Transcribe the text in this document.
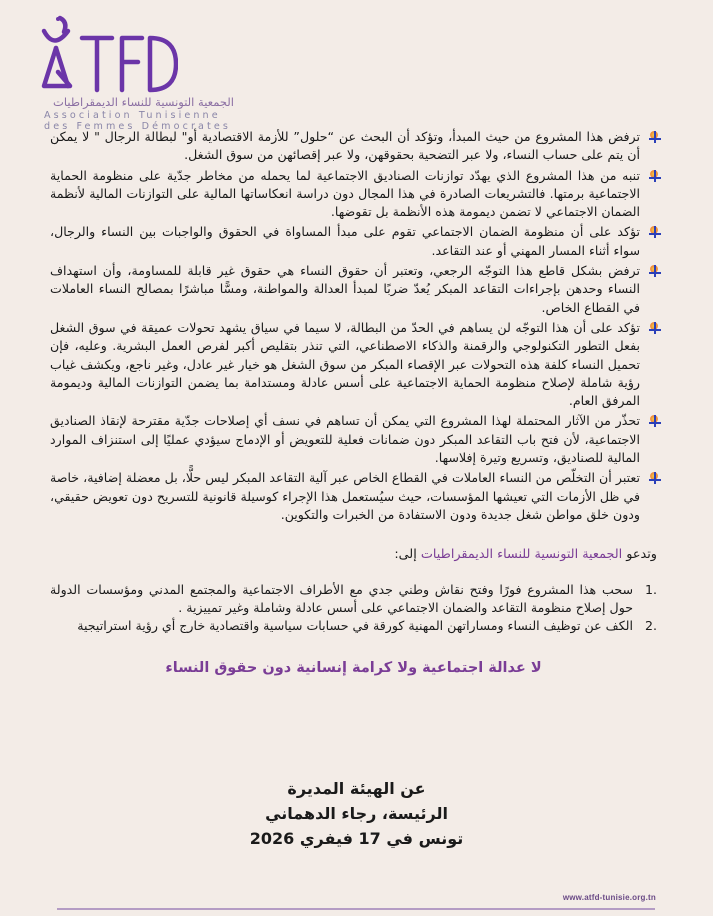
الجمعية التونسية للنساء الديمقراطيات
Association Tunisienne
des Femmes Démocrates
ترفض هذا المشروع من حيث المبدأ، وتؤكد أن البحث عن “حلول” للأزمة الاقتصادية أو" لبطالة الرجال " لا يمكن أن يتم على حساب النساء، ولا عبر التضحية بحقوقهن، ولا عبر إقصائهن من سوق الشغل.
تنبه من هذا المشروع الذي يهدّد توازنات الصناديق الاجتماعية لما يحمله من مخاطر جدّية على منظومة الحماية الاجتماعية برمتها. فالتشريعات الصادرة في هذا المجال دون دراسة انعكاساتها المالية على التوازنات المالية لأنظمة الضمان الاجتماعي لا تضمن ديمومة هذه الأنظمة بل تقوضها.
تؤكد على أن منظومة الضمان الاجتماعي تقوم على مبدأ المساواة في الحقوق والواجبات بين النساء والرجال، سواء أثناء المسار المهني أو عند التقاعد.
ترفض بشكل قاطع هذا التوجّه الرجعي، وتعتبر أن حقوق النساء هي حقوق غير قابلة للمساومة، وأن استهداف النساء وحدهن بإجراءات التقاعد المبكر يُعدّ ضربًا لمبدأ العدالة والمواطنة، ومسًّا مباشرًا بمصالح النساء العاملات في القطاع الخاص.
تؤكد على أن هذا التوجّه لن يساهم في الحدّ من البطالة، لا سيما في سياق يشهد تحولات عميقة في سوق الشغل بفعل التطور التكنولوجي والرقمنة والذكاء الاصطناعي، التي تنذر بتقليص أكبر لفرص العمل البشرية. وعليه، فإن تحميل النساء كلفة هذه التحولات عبر الإقصاء المبكر من سوق الشغل هو خيار غير عادل، وغير ناجع، ويكشف غياب رؤية شاملة لإصلاح منظومة الحماية الاجتماعية على أسس عادلة ومستدامة بما يضمن التوازنات المالية وديمومة المرفق العام.
تحذّر من الآثار المحتملة لهذا المشروع التي يمكن أن تساهم في نسف أي إصلاحات جدّية مقترحة لإنقاذ الصناديق الاجتماعية، لأن فتح باب التقاعد المبكر دون ضمانات فعلية للتعويض أو الإدماج سيؤدي عمليًا إلى استنزاف الموارد المالية للصناديق، وتسريع وتيرة إفلاسها.
تعتبر أن التخلّص من النساء العاملات في القطاع الخاص عبر آلية التقاعد المبكر ليس حلًّا، بل معضلة إضافية، خاصة في ظل الأزمات التي تعيشها المؤسسات، حيث سيُستعمل هذا الإجراء كوسيلة قانونية للتسريح دون تعويض حقيقي، ودون خلق مواطن شغل جديدة ودون الاستفادة من الخبرات والتكوين.
وتدعو الجمعية التونسية للنساء الديمقراطيات إلى:
1.
سحب هذا المشروع فورًا وفتح نقاش وطني جدي مع الأطراف الاجتماعية والمجتمع المدني ومؤسسات الدولة حول إصلاح منظومة التقاعد والضمان الاجتماعي على أسس عادلة وشاملة وغير تمييزية .
2.
الكف عن توظيف النساء ومساراتهن المهنية كورقة في حسابات سياسية واقتصادية خارج أي رؤية استراتيجية
لا عدالة اجتماعية ولا كرامة إنسانية دون حقوق النساء
عن الهيئة المديرة
الرئيسة، رجاء الدهماني
تونس في 17 فيفري 2026
www.atfd-tunisie.org.tn
